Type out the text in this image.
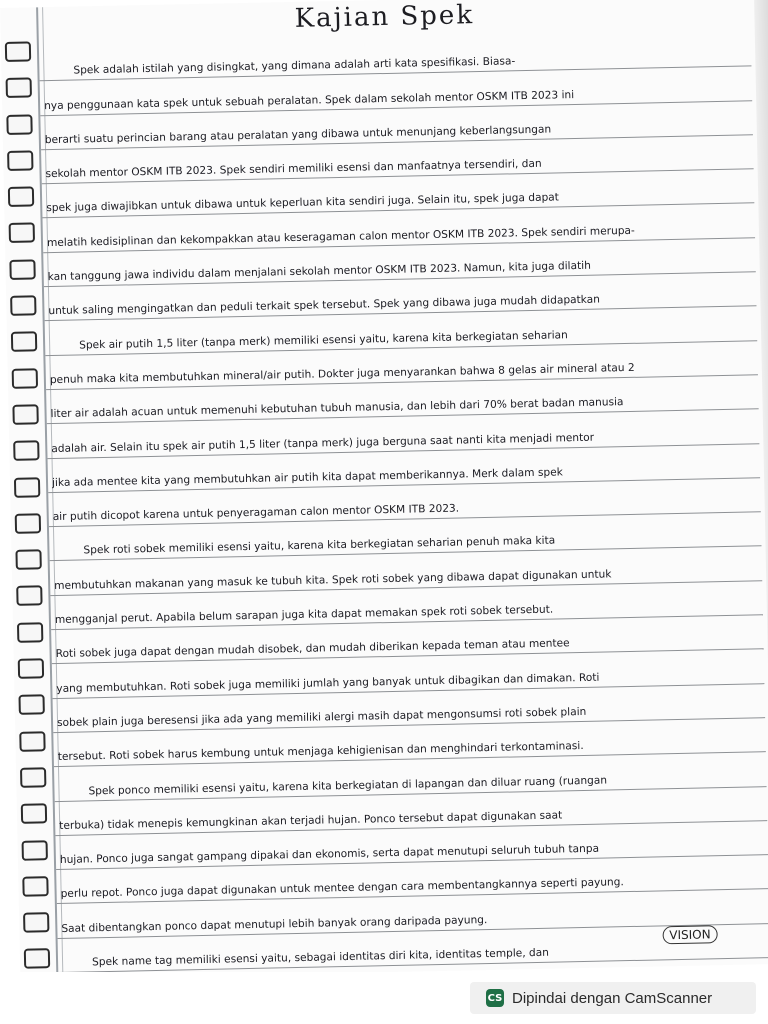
Kajian Spek
Spek adalah istilah yang disingkat, yang dimana adalah arti kata spesifikasi. Biasa-
nya penggunaan kata spek untuk sebuah peralatan. Spek dalam sekolah mentor OSKM ITB 2023 ini
berarti suatu perincian barang atau peralatan yang dibawa untuk menunjang keberlangsungan
sekolah mentor OSKM ITB 2023. Spek sendiri memiliki esensi dan manfaatnya tersendiri, dan
spek juga diwajibkan untuk dibawa untuk keperluan kita sendiri juga. Selain itu, spek juga dapat
melatih kedisiplinan dan kekompakkan atau keseragaman calon mentor OSKM ITB 2023. Spek sendiri merupa-
kan tanggung jawa individu dalam menjalani sekolah mentor OSKM ITB 2023. Namun, kita juga dilatih
untuk saling mengingatkan dan peduli terkait spek tersebut. Spek yang dibawa juga mudah didapatkan
Spek air putih 1,5 liter (tanpa merk) memiliki esensi yaitu, karena kita berkegiatan seharian
penuh maka kita membutuhkan mineral/air putih. Dokter juga menyarankan bahwa 8 gelas air mineral atau 2
liter air adalah acuan untuk memenuhi kebutuhan tubuh manusia, dan lebih dari 70% berat badan manusia
adalah air. Selain itu spek air putih 1,5 liter (tanpa merk) juga berguna saat nanti kita menjadi mentor
jika ada mentee kita yang membutuhkan air putih kita dapat memberikannya. Merk dalam spek
air putih dicopot karena untuk penyeragaman calon mentor OSKM ITB 2023.
Spek roti sobek memiliki esensi yaitu, karena kita berkegiatan seharian penuh maka kita
membutuhkan makanan yang masuk ke tubuh kita. Spek roti sobek yang dibawa dapat digunakan untuk
mengganjal perut. Apabila belum sarapan juga kita dapat memakan spek roti sobek tersebut.
Roti sobek juga dapat dengan mudah disobek, dan mudah diberikan kepada teman atau mentee
yang membutuhkan. Roti sobek juga memiliki jumlah yang banyak untuk dibagikan dan dimakan. Roti
sobek plain juga beresensi jika ada yang memiliki alergi masih dapat mengonsumsi roti sobek plain
tersebut. Roti sobek harus kembung untuk menjaga kehigienisan dan menghindari terkontaminasi.
Spek ponco memiliki esensi yaitu, karena kita berkegiatan di lapangan dan diluar ruang (ruangan
terbuka) tidak menepis kemungkinan akan terjadi hujan. Ponco tersebut dapat digunakan saat
hujan. Ponco juga sangat gampang dipakai dan ekonomis, serta dapat menutupi seluruh tubuh tanpa
perlu repot. Ponco juga dapat digunakan untuk mentee dengan cara membentangkannya seperti payung.
Saat dibentangkan ponco dapat menutupi lebih banyak orang daripada payung.
Spek name tag memiliki esensi yaitu, sebagai identitas diri kita, identitas temple, dan
VISION
CS Dipindai dengan CamScanner
